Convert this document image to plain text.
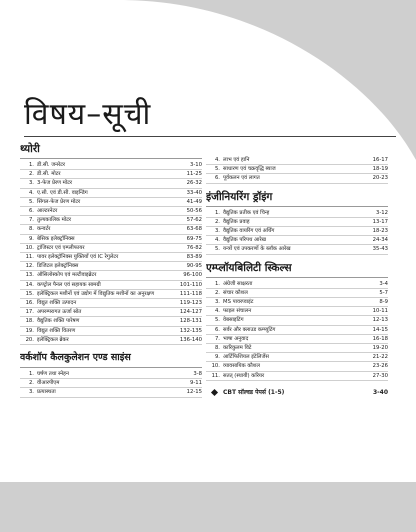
विषय–सूची
थ्योरी
1. डी.सी. जनरेटर	3-10
2. डी.सी. मोटर	11-25
3. 3-फेज प्रेरण मोटर	26-32
4. ए.सी. एवं डी.सी. वाइन्डिंग	33-40
5. सिंगल-फेज प्रेरण मोटर	41-49
6. आल्टरनेटर	50-56
7. तुल्यकालिक मोटर	57-62
8. कन्वर्टर	63-68
9. बेसिक इलेक्ट्रॉनिक्स	69-75
10. ट्रांजिस्टर एवं एम्प्लीफायर	76-82
11. पावर इलेक्ट्रॉनिक्स युक्तियाँ एवं IC रेगुलेटर	83-89
12. डिजिटल इलेक्ट्रॉनिक्स	90-95
13. ऑसिलोस्कोप एवं मल्टीवाइब्रेटर	96-100
14. कण्ट्रोल पैनल एवं सहायक सामग्री	101-110
15. इलेक्ट्रिकल मशीनों एवं उद्योग में विद्युतिक मशीनों का अनुरक्षण	111-118
16. विद्युत शक्ति उत्पादन	119-123
17. अपरम्परागत ऊर्जा स्रोत	124-127
18. वैद्युतिक शक्ति पारेषण	128-131
19. विद्युत शक्ति वितरण	132-135
20. इलेक्ट्रिकल ब्रेकर	136-140
वर्कशॉप कैलकुलेशन एण्ड साइंस
1. घर्षण तथा स्नेहन	3-8
2. वीआरपीएम	9-11
3. प्रत्यास्थता	12-15
4. लाभ एवं हानि	16-17
5. साधारण एवं चक्रवृद्धि ब्याज	18-19
6. पूर्वकलन एवं लागत	20-23
इंजीनियरिंग ड्रॉइंग
1. वैद्युतिक प्रतीक एवं चिन्ह	3-12
2. वैद्युतिक प्रवाह	13-17
3. वैद्युतिक वायरिंग एवं अर्थिंग	18-23
4. वैद्युतिक परिपथ आरेख	24-34
5. यन्त्रों एवं उपकरणों के ब्लॉक आरेख	35-43
एम्प्लॉयबिलिटी स्किल्स
1. अंग्रेजी साक्षरता	3-4
2. संचार कौशल	5-7
3. MS पावरप्वाइंट	8-9
4. फाइल संचालन	10-11
5. वेबसाइटिंग	12-13
6. सर्वर और क्लाउड कम्प्यूटिंग	14-15
7. भाषा अनुवाद	16-18
8. कारिकुलम विटे	19-20
9. आर्टिफिशियल इंटेलिजेंस	21-22
10. व्यावसायिक कौशल	23-26
11. सतत् (स्थायी) करियर	27-30
CBT सॉल्वड पेपर्स (1-5)	3-40
